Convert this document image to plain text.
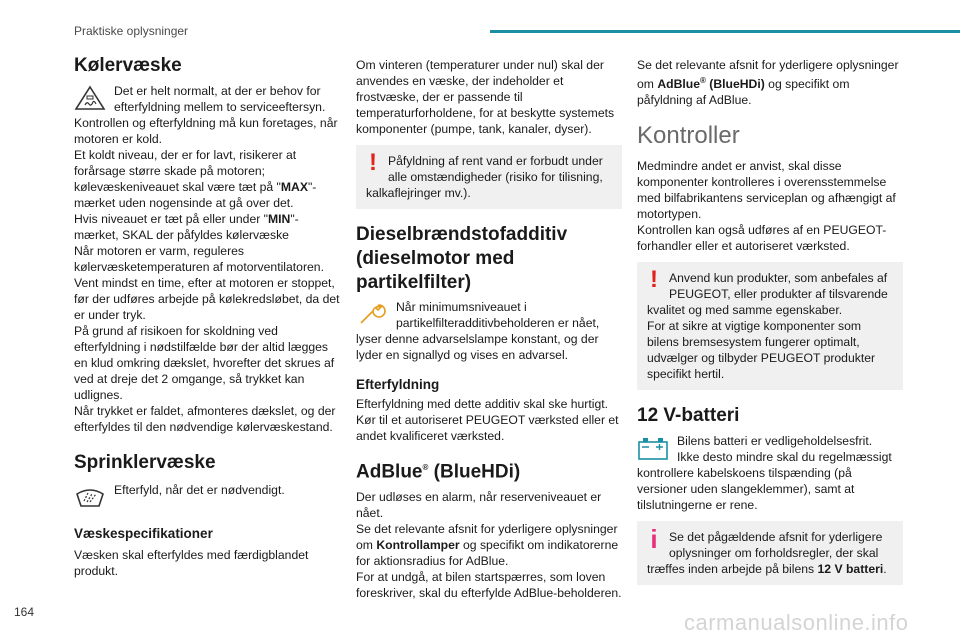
Praktiske oplysninger
Kølervæske

Det er helt normalt, at der er behov for efterfyldning mellem to serviceeftersyn.

Kontrollen og efterfyldning må kun foretages, når motoren er kold.

Et koldt niveau, der er for lavt, risikerer at forårsage større skade på motoren;

kølevæskeniveauet skal være tæt på "MAX"-mærket uden nogensinde at gå over det.

Hvis niveauet er tæt på eller under "MIN"-mærket, SKAL der påfyldes kølervæske

Når motoren er varm, reguleres kølervæsketemperaturen af motorventilatoren.

Vent mindst en time, efter at motoren er stoppet, før der udføres arbejde på kølekredsløbet, da det er under tryk.

På grund af risikoen for skoldning ved efterfyldning i nødstilfælde bør der altid lægges en klud omkring dækslet, hvorefter det skrues af ved at dreje det 2 omgange, så trykket kan udlignes.

Når trykket er faldet, afmonteres dækslet, og der efterfyldes til den nødvendige kølervæskestand.

Sprinklervæske

Efterfyld, når det er nødvendigt.

Væskespecifikationer

Væsken skal efterfyldes med færdigblandet produkt.

Om vinteren (temperaturer under nul) skal der anvendes en væske, der indeholder et frostvæske, der er passende til temperaturforholdene, for at beskytte systemets komponenter (pumpe, tank, kanaler, dyser).

! Påfyldning af rent vand er forbudt under alle omstændigheder (risiko for tilisning, kalkaflejringer mv.).

Dieselbrændstofadditiv (dieselmotor med partikelfilter)

Når minimumsniveauet i partikelfilteradditivbeholderen er nået, lyser denne advarselslampe konstant, og der lyder en signallyd og vises en advarsel.

Efterfyldning

Efterfyldning med dette additiv skal ske hurtigt. Kør til et autoriseret PEUGEOT værksted eller et andet kvalificeret værksted.

AdBlue® (BlueHDi)

Der udløses en alarm, når reserveniveauet er nået.

Se det relevante afsnit for yderligere oplysninger om Kontrollamper og specifikt om indikatorerne for aktionsradius for AdBlue.

For at undgå, at bilen startspærres, som loven foreskriver, skal du efterfylde AdBlue-beholderen.

Se det relevante afsnit for yderligere oplysninger om AdBlue® (BlueHDi) og specifikt om påfyldning af AdBlue.

Kontroller

Medmindre andet er anvist, skal disse komponenter kontrolleres i overensstemmelse med bilfabrikantens serviceplan og afhængigt af motortypen.

Kontrollen kan også udføres af en PEUGEOT-forhandler eller et autoriseret værksted.

! Anvend kun produkter, som anbefales af PEUGEOT, eller produkter af tilsvarende kvalitet og med samme egenskaber.

For at sikre at vigtige komponenter som bilens bremsesystem fungerer optimalt, udvælger og tilbyder PEUGEOT produkter specifikt hertil.

12 V-batteri

Bilens batteri er vedligeholdelsesfrit.

Ikke desto mindre skal du regelmæssigt kontrollere kabelskoens tilspænding (på versioner uden slangeklemmer), samt at tilslutningerne er rene.

i Se det pågældende afsnit for yderligere oplysninger om forholdsregler, der skal træffes inden arbejde på bilens 12 V batteri.

164	carmanualsonline.info
